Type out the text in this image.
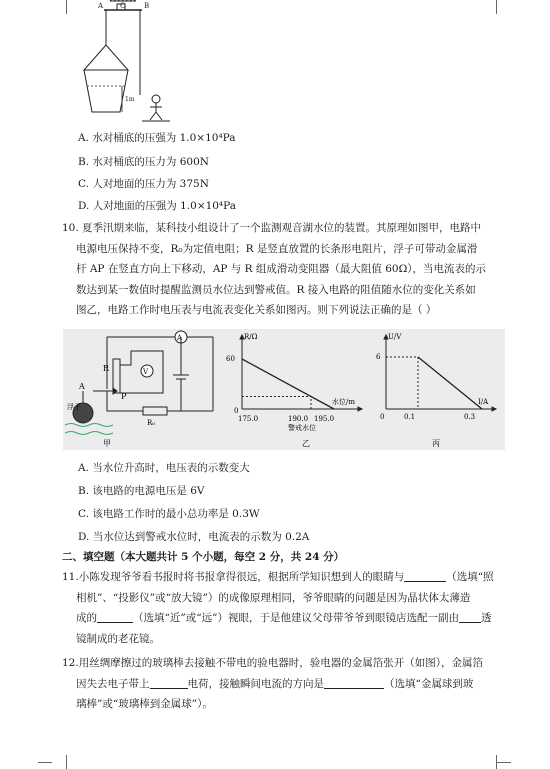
A O	B
1m
A. 水对桶底的压强为 1.0×10⁴Pa
B. 水对桶底的压力为 600N
C. 人对地面的压力为 375N
D. 人对地面的压强为 1.0×10⁴Pa
10. 夏季汛期来临，某科技小组设计了一个监测观音湖水位的装置。其原理如图甲，电路中
电源电压保持不变，R₀为定值电阻；R 是竖直放置的长条形电阻片，浮子可带动金属滑
杆 AP 在竖直方向上下移动，AP 与 R 组成滑动变阻器（最大阻值 60Ω），当电流表的示
数达到某一数值时提醒监测员水位达到警戒值。R 接入电路的阻值随水位的变化关系如
图乙，电路工作时电压表与电流表变化关系如图丙。则下列说法正确的是（ ）
A
V
R
A
P
R₀
浮子
甲
R/Ω
水位/m
60
0
175.0	190.0 195.0
警戒水位
乙
U/V
I/A
6
0	0.1	0.3
丙
A. 当水位升高时，电压表的示数变大
B. 该电路的电源电压是 6V
C. 该电路工作时的最小总功率是 0.3W
D. 当水位达到警戒水位时，电流表的示数为 0.2A
二、填空题（本大题共计 5 个小题，每空 2 分，共 24 分）
11.小陈发现爷爷看书报时将书报拿得很远，根据所学知识想到人的眼睛与	（选填“照
相机”、“投影仪”或“放大镜”）的成像原理相同，爷爷眼睛的问题是因为晶状体太薄造
成的	（选填“近”或“远”）视眼，于是他建议父母带爷爷到眼镜店选配一副由 透
镜制成的老花镜。
12.用丝绸摩擦过的玻璃棒去接触不带电的验电器时，验电器的金属箔张开（如图），金属箔
因失去电子带上	电荷，接触瞬间电流的方向是	（选填“金属球到玻
璃棒”或“玻璃棒到金属球”）。
